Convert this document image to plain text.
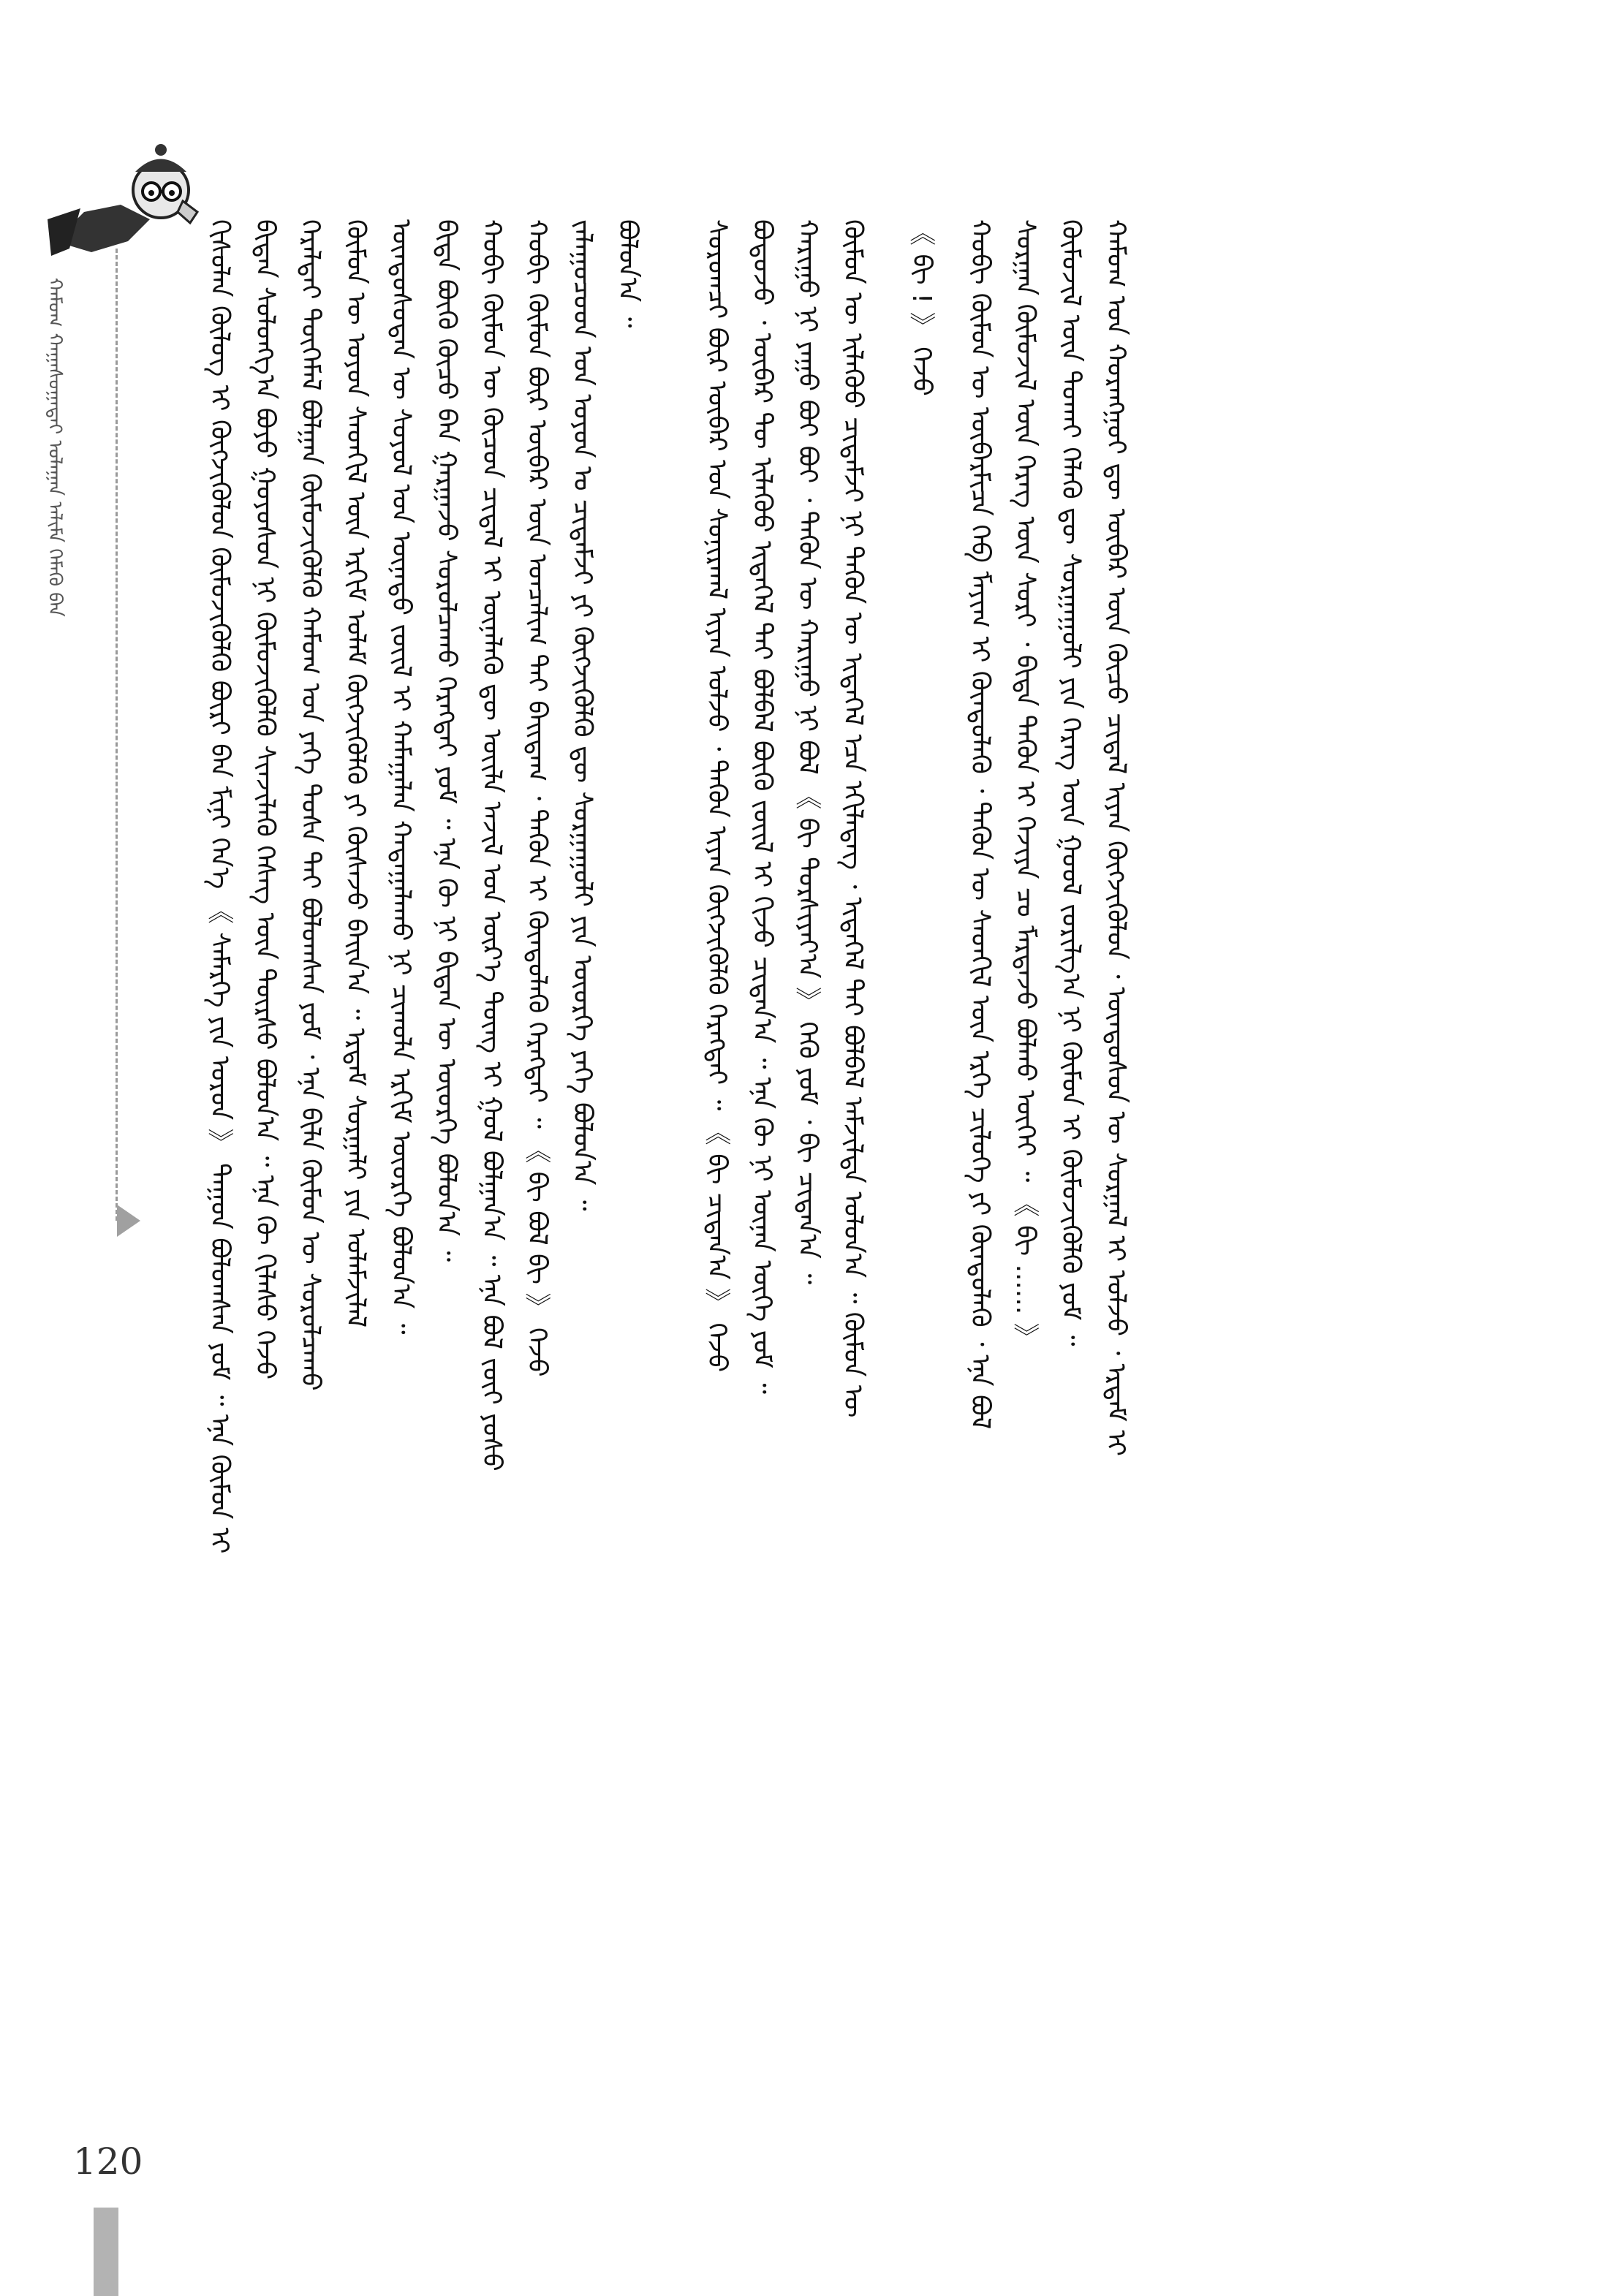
ᠬᠠᠮᠤᠭ ᠬᠠᠭᠠᠰᠤᠭᠠᠳᠠᠢ ᠤᠯᠠᠭᠠᠨ ᠠᠯᠢᠮᠠ ᠬᠡᠮᠡᠬᠦ ᠪᠡᠨ	ᠬᠢᠰᠦᠯᠡᠨ ᠬᠦᠯᠦᠭ ᠢ ᠬᠦᠭᠵᠢᠭᠦᠯᠦᠨ ᠬᠦᠮᠦᠵᠢᠭᠦᠯᠬᠦ ᠪᠦᠷᠢ ᠪᠠᠨ ᠮᠢᠨᠢ ᠭᠡᠨ᠎ᠡ 《 ᠰᠡᠮᠡᠷᠭᠡ ᠶᠢᠨ ᠤᠷᠤᠨ 》 ᠳᠠᠭᠤᠨ ᠪᠣᠯᠤᠭᠰᠠᠨ ᠶᠤᠮ ᠃ ᠡᠨᠡ ᠬᠦᠮᠦᠨ ᠢ ᠪᠢᠳᠡᠨ ᠰᠣᠯᠣᠩᠭ᠎ᠠ ᠪᠤᠶᠤ ᠭᠤᠶᠤᠰᠤᠨ ᠨᠢ ᠬᠦᠮᠦᠵᠢᠭᠦᠯᠬᠦ ᠰᠢᠨᠵᠢᠯᠡᠬᠦ ᠬᠡᠰᠡᠭ ᠦᠨ ᠳᠦᠷᠰᠦ ᠪᠣᠯᠤᠨ᠎ᠠ ᠃ ᠡᠨᠡ ᠬᠦ ᠬᠢᠯᠠᠰᠤ ᠭᠡᠵᠦ ᠭᠡᠷᠡᠯᠲᠡᠢ ᠲᠦᠭᠡᠮᠡᠯ ᠪᠣᠯᠭᠠᠨ ᠬᠦᠮᠦᠵᠢᠭᠦᠯᠬᠦ ᠬᠠᠮᠤᠭ ᠤᠨ ᠶᠡᠬᠡ ᠲᠤᠰᠠ ᠲᠠᠢ ᠪᠣᠯᠤᠭᠰᠠᠨ ᠶᠤᠮ ᠂ ᠡᠨᠡ ᠪᠢᠯᠡ ᠬᠦᠮᠦᠨ ᠦ ᠰᠤᠷᠤᠯᠴᠠᠬᠤ ᠬᠦᠮᠦᠨ ᠦ ᠣᠶᠤᠨ ᠰᠡᠳᠭᠢᠯ ᠦᠨ ᠡᠷᠬᠢᠮ ᠤᠯᠠᠮ ᠬᠦᠭᠵᠢᠭᠦᠯᠬᠦ ᠶᠢ ᠬᠦᠰᠡᠵᠦ ᠪᠠᠢᠨ᠎ᠠ ᠃ ᠡᠷᠳᠡᠮ ᠰᠤᠷᠭᠠᠯᠢ ᠶᠢᠨ ᠤᠯᠠᠮᠵᠢᠯᠠᠯ ᠦᠨᠳᠦᠰᠦᠲᠡᠨ ᠦ ᠰᠣᠶᠤᠯ ᠤᠨ ᠦᠨᠡᠲᠦ ᠵᠦᠢᠯ ᠢ ᠬᠠᠮᠠᠭᠠᠯᠠᠨ ᠬᠠᠳᠠᠭᠠᠯᠠᠬᠤ ᠨᠢ ᠴᠢᠬᠤᠯᠠ ᠡᠷᠬᠢᠮ ᠦᠦᠷᠭᠡ ᠪᠣᠯᠤᠨ᠎ᠠ ᠃ ᠪᠢᠳᠡ ᠪᠦᠬᠦ ᠬᠦᠴᠦ ᠪᠡᠨ ᠭᠠᠷᠭᠠᠵᠤ ᠰᠤᠷᠤᠯᠴᠠᠬᠤ ᠬᠡᠷᠡᠭᠲᠡᠢ ᠶᠤᠮ ᠃ ᠡᠨᠡ ᠬᠦ ᠨᠢ ᠪᠢᠳᠡᠨ ᠦ ᠦᠦᠷᠭᠡ ᠪᠣᠯᠤᠨ᠎ᠠ ᠃ ᠬᠤᠪᠢ ᠬᠦᠮᠦᠨ ᠦ ᠬᠦᠴᠦᠨ ᠴᠢᠳᠠᠯ ᠢ ᠦᠨᠡᠯᠡᠬᠦ ᠳᠦ ᠦᠢᠯᠡ ᠠᠵᠢᠯ ᠤᠨ ᠦᠷ᠎ᠡ ᠳᠦᠩ ᠢ ᠭᠣᠯ ᠪᠣᠯᠭᠠᠨ᠎ᠠ ᠃ ᠡᠨᠡ ᠪᠣᠯ ᠵᠦᠢ ᠶᠣᠰᠣ ᠬᠤᠪᠢ ᠬᠦᠮᠦᠨ ᠪᠦᠷ ᠦᠪᠡᠷ ᠦᠨ ᠣᠨᠴᠠᠯᠢᠭ ᠲᠠᠢ ᠪᠠᠢᠳᠠᠭ ᠂ ᠲᠡᠭᠦᠨ ᠢ ᠬᠦᠨᠳᠦᠯᠡᠬᠦ ᠬᠡᠷᠡᠭᠲᠡᠢ ᠃ 《 ᠪᠢ ᠪᠣᠯ ᠪᠢ 》 ᠭᠡᠵᠦ ᠵᠠᠯᠠᠭᠤᠴᠤᠳ ᠤᠨ ᠣᠶᠤᠨ ᠤ ᠴᠢᠳᠠᠮᠵᠢ ᠶᠢ ᠬᠦᠭᠵᠢᠭᠦᠯᠬᠦ ᠳᠦ ᠰᠤᠷᠭᠠᠭᠤᠯᠢ ᠶᠢᠨ ᠦᠦᠷᠭᠡ ᠶᠡᠬᠡ ᠪᠣᠯᠤᠨ᠎ᠠ ᠃ ᠪᠣᠯᠤᠨ᠎ᠠ ᠃ ᠰᠤᠷᠤᠭᠴᠢ ᠪᠦᠷ ᠥᠪᠡᠷ ᠤᠨ ᠰᠣᠨᠢᠷᠬᠠᠯ ᠢᠶᠡᠨ ᠣᠯᠵᠤ ᠂ ᠲᠡᠭᠦᠨ ᠢᠶᠡᠨ ᠬᠦᠭᠵᠢᠭᠦᠯᠬᠦ ᠬᠡᠷᠡᠭᠲᠡᠢ ᠃ 《 ᠪᠢ ᠴᠢᠳᠠᠨ᠎ᠠ 》 ᠭᠡᠵᠦ ᠪᠣᠳᠣᠵᠤ ᠂ ᠥᠪᠡᠷ ᠲᠦ ᠢᠯᠡᠭᠦᠦ ᠢᠲᠡᠭᠡᠯ ᠲᠡᠢ ᠪᠣᠯᠪᠠᠯ ᠪᠦᠬᠦ ᠵᠦᠢᠯ ᠢ ᠬᠢᠵᠦ ᠴᠢᠳᠠᠨ᠎ᠠ ᠃ ᠡᠨᠡ ᠬᠦ ᠨᠢ ᠦᠨᠡᠨ ᠦᠭᠡ ᠶᠤᠮ ᠃ ᠬᠠᠷᠢᠭᠤ ᠨᠢ ᠶᠠᠭᠤ ᠪᠤᠢ ᠪᠤᠢ ᠂ ᠲᠡᠭᠦᠨ ᠦ ᠬᠠᠷᠢᠭᠤ ᠨᠢ ᠪᠣᠯ 《 ᠪᠢ ᠲᠤᠷᠰᠢᠶᠠᠶ᠎ᠠ 》 ᠭᠡᠬᠦ ᠶᠤᠮ ᠂ ᠪᠢ ᠴᠢᠳᠠᠨ᠎ᠠ ᠃ ᠬᠦᠮᠦᠨ ᠦ ᠢᠯᠡᠭᠦᠦ ᠴᠢᠳᠠᠮᠵᠢ ᠨᠢ ᠲᠡᠭᠦᠨ ᠦ ᠢᠲᠡᠭᠡᠯ ᠡᠴᠡ ᠡᠬᠢᠯᠡᠳᠡᠭ ᠂ ᠢᠲᠡᠭᠡᠯ ᠲᠡᠢ ᠪᠣᠯᠪᠠᠯ ᠠᠮᠵᠢᠯᠲᠠ ᠣᠯᠤᠨ᠎ᠠ ᠃ ᠬᠦᠮᠦᠨ ᠦ 《 ᠪᠢ ! 》 ᠭᠡᠵᠦ ᠬᠤᠪᠢ ᠬᠦᠮᠦᠨ ᠦ ᠥᠪᠡᠷᠮᠢᠴᠡ ᠬᠡᠪ ᠮᠠᠶᠢᠭ ᠢ ᠬᠦᠨᠳᠦᠯᠡᠬᠦ ᠂ ᠲᠡᠭᠦᠨ ᠦ ᠰᠡᠳᠬᠢᠯ ᠦᠨ ᠡᠷᠬᠡ ᠴᠢᠯᠦᠭᠡ ᠶᠢ ᠬᠦᠨᠳᠦᠯᠡᠬᠦ ᠂ ᠡᠨᠡ ᠪᠣᠯ ᠰᠤᠷᠭᠠᠨ ᠬᠦᠮᠦᠵᠢᠯ ᠦᠨ ᠬᠡᠷᠡᠭ ᠦᠨ ᠰᠤᠷᠢ ᠂ ᠪᠢᠳᠡ ᠲᠡᠭᠦᠨ ᠢ ᠬᠡᠵᠢᠶᠡ ᠴᠤ ᠮᠠᠷᠲᠠᠵᠤ ᠪᠣᠯᠬᠤ ᠦᠭᠡᠢ ᠃ 《 ᠪᠢ ...... 》 ᠬᠦᠮᠦᠵᠢᠯ ᠦᠨ ᠲᠤᠬᠠᠢ ᠬᠡᠯᠡᠬᠦ ᠳᠦ ᠰᠤᠷᠭᠠᠭᠤᠯᠢ ᠶᠢᠨ ᠬᠡᠷᠡᠭ ᠦᠨ ᠭᠣᠣᠯ ᠵᠣᠷᠢᠯᠭ᠎ᠠ ᠨᠢ ᠬᠦᠮᠦᠨ ᠢ ᠬᠦᠮᠦᠵᠢᠭᠦᠯᠬᠦ ᠶᠤᠮ ᠃ ᠬᠠᠮᠤᠭ ᠤᠨ ᠬᠤᠷᠠᠩᠭᠤᠢ ᠳᠦ ᠥᠪᠡᠷ ᠦᠨ ᠬᠦᠴᠦ ᠴᠢᠳᠠᠯ ᠢᠶᠡᠨ ᠬᠥᠭᠵᠢᠭᠦᠯᠦᠨ ᠂ ᠦᠨᠳᠦᠰᠦᠨ ᠦ ᠰᠤᠷᠭᠠᠯ ᠢ ᠣᠯᠵᠤ ᠂ ᠡᠷᠳᠡᠮ ᠢ
120
